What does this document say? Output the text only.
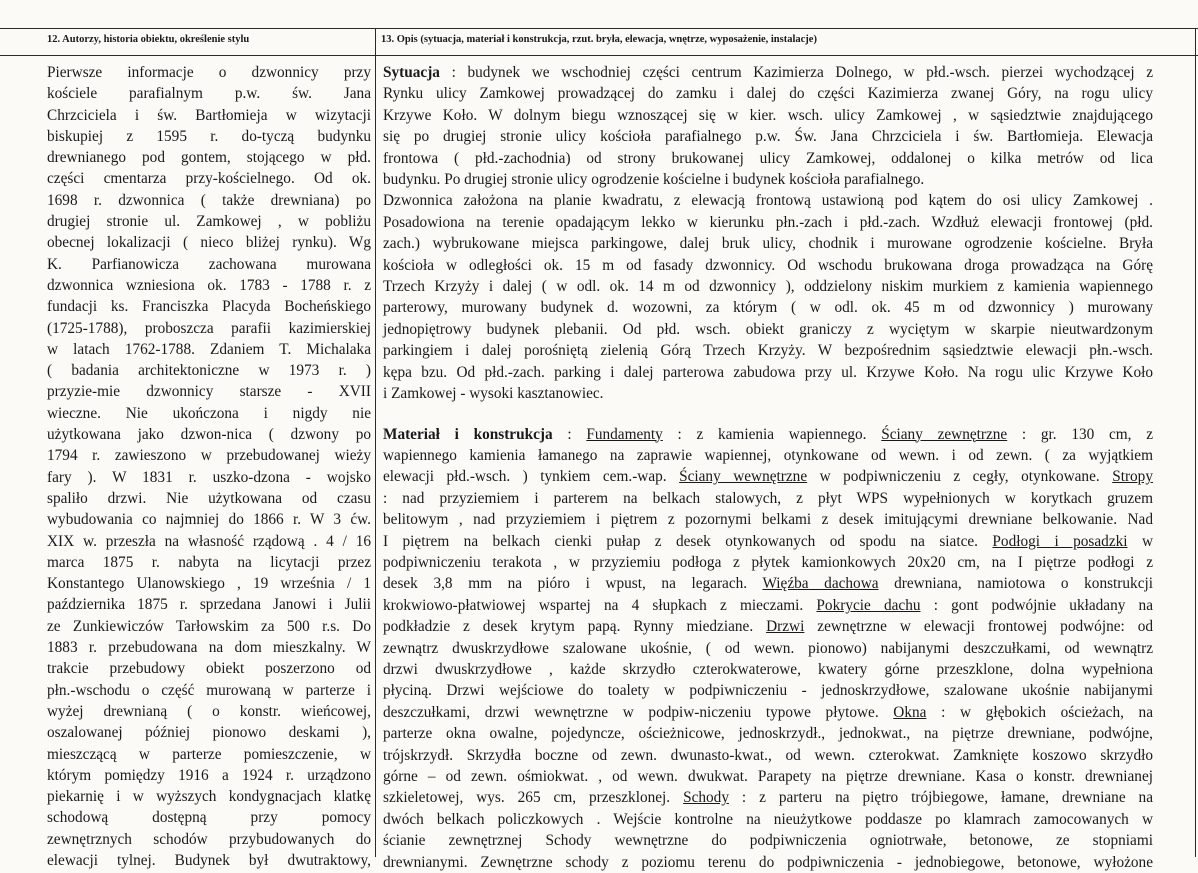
12. Autorzy, historia obiektu, określenie stylu	13. Opis (sytuacja, materiał i konstrukcja, rzut. bryła, elewacja, wnętrze, wyposażenie, instalacje)
Pierwsze informacje o dzwonnicy przy
kościele parafialnym p.w. św. Jana
Chrzciciela i św. Bartłomieja w wizytacji
biskupiej z 1595 r. do-tyczą budynku
drewnianego pod gontem, stojącego w płd.
części cmentarza przy-kościelnego. Od ok.
1698 r. dzwonnica ( także drewniana) po
drugiej stronie ul. Zamkowej , w pobliżu
obecnej lokalizacji ( nieco bliżej rynku). Wg
K. Parfianowicza zachowana murowana
dzwonnica wzniesiona ok. 1783 - 1788 r. z
fundacji ks. Franciszka Placyda Bocheńskiego
(1725-1788), proboszcza parafii kazimierskiej
w latach 1762-1788. Zdaniem T. Michalaka
( badania architektoniczne w 1973 r. )
przyzie-mie dzwonnicy starsze - XVII
wieczne. Nie ukończona i nigdy nie
użytkowana jako dzwon-nica ( dzwony po
1794 r. zawieszono w przebudowanej wieży
fary ). W 1831 r. uszko-dzona - wojsko
spaliło drzwi. Nie użytkowana od czasu
wybudowania co najmniej do 1866 r. W 3 ćw.
XIX w. przeszła na własność rządową . 4 / 16
marca 1875 r. nabyta na licytacji przez
Konstantego Ulanowskiego , 19 września / 1
października 1875 r. sprzedana Janowi i Julii
ze Zunkiewiczów Tarłowskim za 500 r.s. Do
1883 r. przebudowana na dom mieszkalny. W
trakcie przebudowy obiekt poszerzono od
płn.-wschodu o część murowaną w parterze i
wyżej drewnianą ( o konstr. wieńcowej,
oszalowanej później pionowo deskami ),
mieszczącą w parterze pomieszczenie, w
którym pomiędzy 1916 a 1924 r. urządzono
piekarnię i w wyższych kondygnacjach klatkę
schodową dostępną przy pomocy
zewnętrznych schodów przybudowanych do
elewacji tylnej. Budynek był dwutraktowy,
Sytuacja : budynek we wschodniej części centrum Kazimierza Dolnego, w płd.-wsch. pierzei wychodzącej z
Rynku ulicy Zamkowej prowadzącej do zamku i dalej do części Kazimierza zwanej Góry, na rogu ulicy
Krzywe Koło. W dolnym biegu wznoszącej się w kier. wsch. ulicy Zamkowej , w sąsiedztwie znajdującego
się po drugiej stronie ulicy kościoła parafialnego p.w. Św. Jana Chrzciciela i św. Bartłomieja. Elewacja
frontowa ( płd.-zachodnia) od strony brukowanej ulicy Zamkowej, oddalonej o kilka metrów od lica
budynku. Po drugiej stronie ulicy ogrodzenie kościelne i budynek kościoła parafialnego.
Dzwonnica założona na planie kwadratu, z elewacją frontową ustawioną pod kątem do osi ulicy Zamkowej .
Posadowiona na terenie opadającym lekko w kierunku płn.-zach i płd.-zach. Wzdłuż elewacji frontowej (płd.
zach.) wybrukowane miejsca parkingowe, dalej bruk ulicy, chodnik i murowane ogrodzenie kościelne. Bryła
kościoła w odległości ok. 15 m od fasady dzwonnicy. Od wschodu brukowana droga prowadząca na Górę
Trzech Krzyży i dalej ( w odl. ok. 14 m od dzwonnicy ), oddzielony niskim murkiem z kamienia wapiennego
parterowy, murowany budynek d. wozowni, za którym ( w odl. ok. 45 m od dzwonnicy ) murowany
jednopiętrowy budynek plebanii. Od płd. wsch. obiekt graniczy z wyciętym w skarpie nieutwardzonym
parkingiem i dalej porośniętą zielenią Górą Trzech Krzyży. W bezpośrednim sąsiedztwie elewacji płn.-wsch.
kępa bzu. Od płd.-zach. parking i dalej parterowa zabudowa przy ul. Krzywe Koło. Na rogu ulic Krzywe Koło
i Zamkowej - wysoki kasztanowiec.
Materiał i konstrukcja : Fundamenty : z kamienia wapiennego. Ściany zewnętrzne : gr. 130 cm, z
wapiennego kamienia łamanego na zaprawie wapiennej, otynkowane od wewn. i od zewn. ( za wyjątkiem
elewacji płd.-wsch. ) tynkiem cem.-wap. Ściany wewnętrzne w podpiwniczeniu z cegły, otynkowane. Stropy
: nad przyziemiem i parterem na belkach stalowych, z płyt WPS wypełnionych w korytkach gruzem
belitowym , nad przyziemiem i piętrem z pozornymi belkami z desek imitującymi drewniane belkowanie. Nad
I piętrem na belkach cienki pułap z desek otynkowanych od spodu na siatce. Podłogi i posadzki w
podpiwniczeniu terakota , w przyziemiu podłoga z płytek kamionkowych 20x20 cm, na I piętrze podłogi z
desek 3,8 mm na pióro i wpust, na legarach. Więźba dachowa drewniana, namiotowa o konstrukcji
krokwiowo-płatwiowej wspartej na 4 słupkach z mieczami. Pokrycie dachu : gont podwójnie układany na
podkładzie z desek krytym papą. Rynny miedziane. Drzwi zewnętrzne w elewacji frontowej podwójne: od
zewnątrz dwuskrzydłowe szalowane ukośnie, ( od wewn. pionowo) nabijanymi deszczułkami, od wewnątrz
drzwi dwuskrzydłowe , każde skrzydło czterokwaterowe, kwatery górne przeszklone, dolna wypełniona
płyciną. Drzwi wejściowe do toalety w podpiwniczeniu - jednoskrzydłowe, szalowane ukośnie nabijanymi
deszczułkami, drzwi wewnętrzne w podpiw-niczeniu typowe płytowe. Okna : w głębokich ościeżach, na
parterze okna owalne, pojedyncze, ościeżnicowe, jednoskrzydł., jednokwat., na piętrze drewniane, podwójne,
trójskrzydł. Skrzydła boczne od zewn. dwunasto-kwat., od wewn. czterokwat. Zamknięte koszowo skrzydło
górne – od zewn. ośmiokwat. , od wewn. dwukwat. Parapety na piętrze drewniane. Kasa o konstr. drewnianej
szkieletowej, wys. 265 cm, przeszklonej. Schody : z parteru na piętro trójbiegowe, łamane, drewniane na
dwóch belkach policzkowych . Wejście kontrolne na nieużytkowe poddasze po klamrach zamocowanych w
ścianie zewnętrznej Schody wewnętrzne do podpiwniczenia ogniotrwałe, betonowe, ze stopniami
drewnianymi. Zewnętrzne schody z poziomu terenu do podpiwniczenia - jednobiegowe, betonowe, wyłożone
